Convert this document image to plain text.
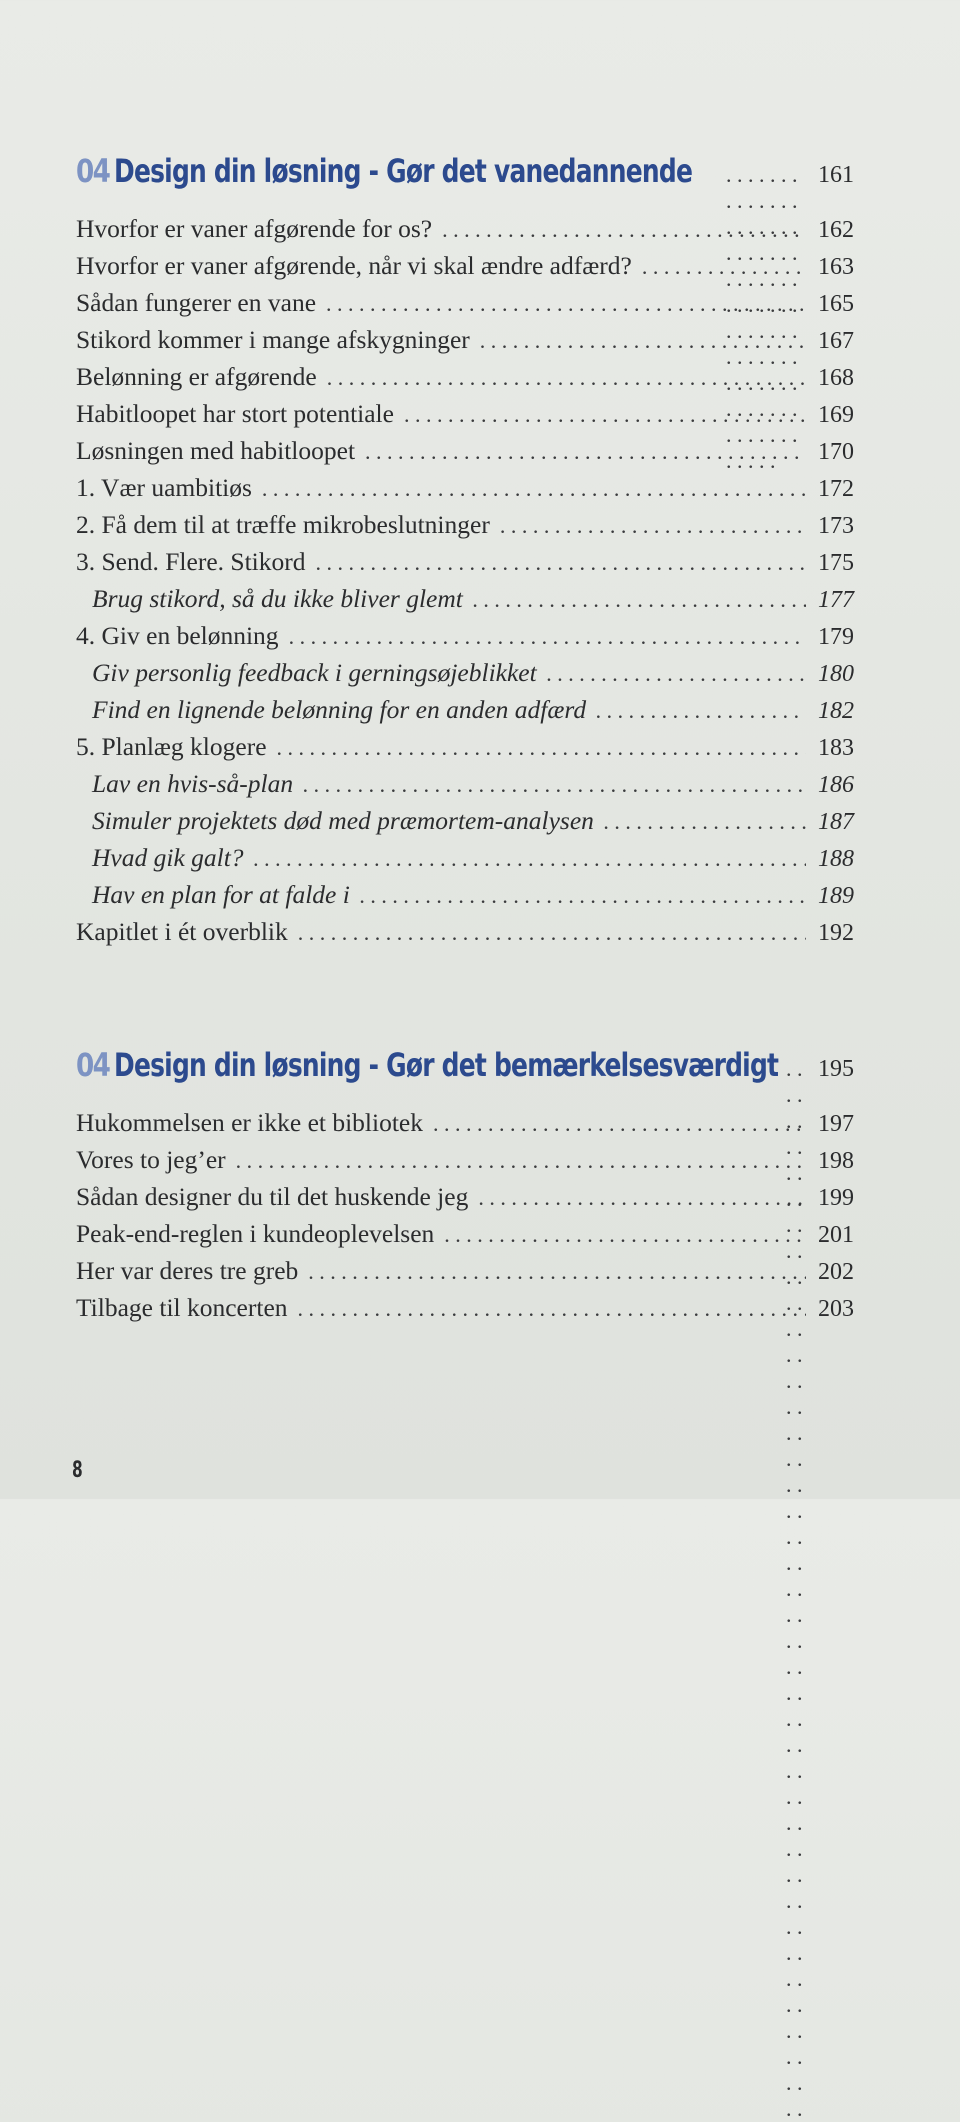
04 Design din løsning - Gør det vanedannende . . .	161
Hvorfor er vaner afgørende for os? . . .	162
Hvorfor er vaner afgørende, når vi skal ændre adfærd? . . .	163
Sådan fungerer en vane . . .	165
Stikord kommer i mange afskygninger . . .	167
Belønning er afgørende . . .	168
Habitloopet har stort potentiale . . .	169
Løsningen med habitloopet . . .	170
1. Vær uambitiøs . . .	172
2. Få dem til at træffe mikrobeslutninger . . .	173
3. Send. Flere. Stikord . . .	175
Brug stikord, så du ikke bliver glemt . . .	177
4. Giv en belønning . . .	179
Giv personlig feedback i gerningsøjeblikket . . .	180
Find en lignende belønning for en anden adfærd . . .	182
5. Planlæg klogere . . .	183
Lav en hvis-så-plan . . .	186
Simuler projektets død med præmortem-analysen . . .	187
Hvad gik galt? . . .	188
Hav en plan for at falde i . . .	189
Kapitlet i ét overblik . . .	192
04 Design din løsning - Gør det bemærkelsesværdigt . . . 195
Hukommelsen er ikke et bibliotek . . .	197
Vores to jeg’er . . .	198
Sådan designer du til det huskende jeg . . .	199
Peak-end-reglen i kundeoplevelsen . . .	201
Her var deres tre greb . . .	202
Tilbage til koncerten . . .	203
8
